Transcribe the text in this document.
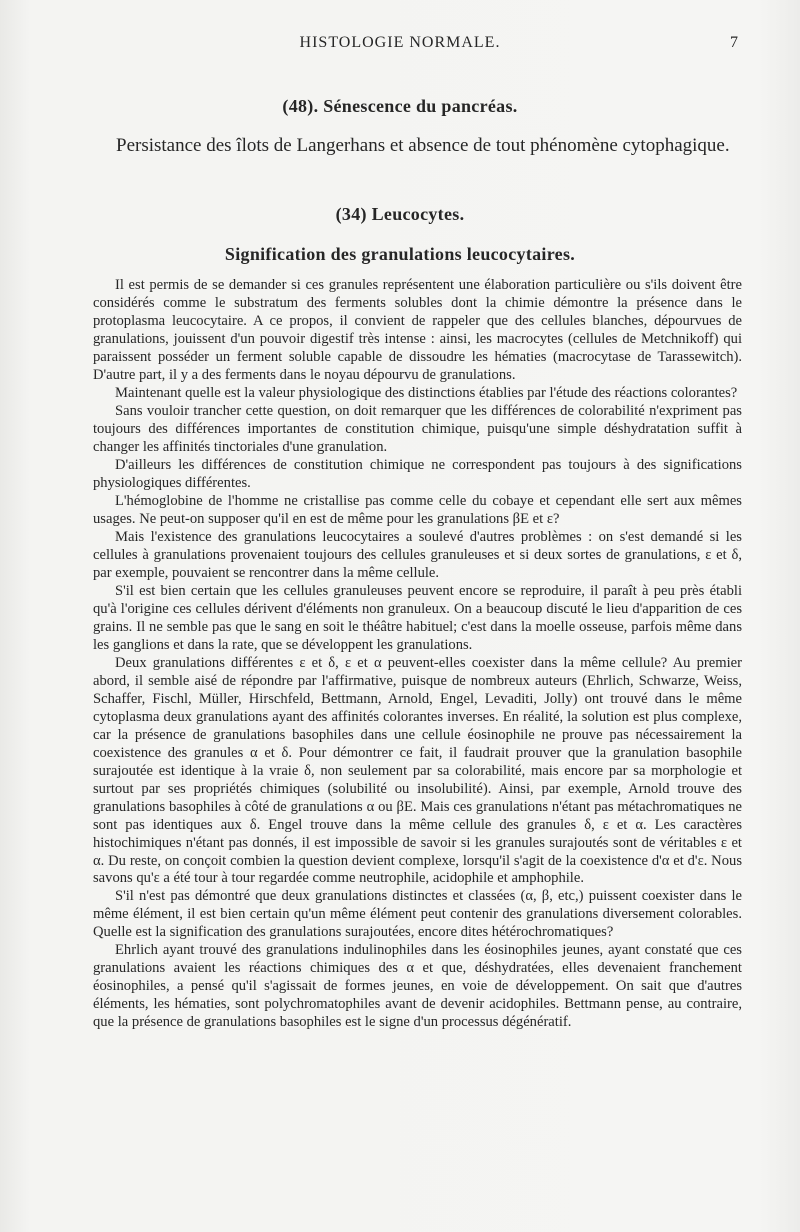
HISTOLOGIE NORMALE.	7
(48). Sénescence du pancréas.
Persistance des îlots de Langerhans et absence de tout phénomène cytophagique.
(34) Leucocytes.
Signification des granulations leucocytaires.

Il est permis de se demander si ces granules représentent une élaboration particulière ou s'ils doivent être considérés comme le substratum des ferments solubles dont la chimie démontre la présence dans le protoplasma leucocytaire. A ce propos, il convient de rappeler que des cellules blanches, dépourvues de granulations, jouissent d'un pouvoir digestif très intense : ainsi, les macrocytes (cellules de Metchnikoff) qui paraissent posséder un ferment soluble capable de dissoudre les hématies (macrocytase de Tarassewitch). D'autre part, il y a des ferments dans le noyau dépourvu de granulations.

Maintenant quelle est la valeur physiologique des distinctions établies par l'étude des réactions colorantes?

Sans vouloir trancher cette question, on doit remarquer que les différences de colorabilité n'expriment pas toujours des différences importantes de constitution chimique, puisqu'une simple déshydratation suffit à changer les affinités tinctoriales d'une granulation.

D'ailleurs les différences de constitution chimique ne correspondent pas toujours à des significations physiologiques différentes.

L'hémoglobine de l'homme ne cristallise pas comme celle du cobaye et cependant elle sert aux mêmes usages. Ne peut-on supposer qu'il en est de même pour les granulations βE et ε?

Mais l'existence des granulations leucocytaires a soulevé d'autres problèmes : on s'est demandé si les cellules à granulations provenaient toujours des cellules granuleuses et si deux sortes de granulations, ε et δ, par exemple, pouvaient se rencontrer dans la même cellule.

S'il est bien certain que les cellules granuleuses peuvent encore se reproduire, il paraît à peu près établi qu'à l'origine ces cellules dérivent d'éléments non granuleux. On a beaucoup discuté le lieu d'apparition de ces grains. Il ne semble pas que le sang en soit le théâtre habituel; c'est dans la moelle osseuse, parfois même dans les ganglions et dans la rate, que se développent les granulations.

Deux granulations différentes ε et δ, ε et α peuvent-elles coexister dans la même cellule? Au premier abord, il semble aisé de répondre par l'affirmative, puisque de nombreux auteurs (Ehrlich, Schwarze, Weiss, Schaffer, Fischl, Müller, Hirschfeld, Bettmann, Arnold, Engel, Levaditi, Jolly) ont trouvé dans le même cytoplasma deux granulations ayant des affinités colorantes inverses. En réalité, la solution est plus complexe, car la présence de granulations basophiles dans une cellule éosinophile ne prouve pas nécessairement la coexistence des granules α et δ. Pour démontrer ce fait, il faudrait prouver que la granulation basophile surajoutée est identique à la vraie δ, non seulement par sa colorabilité, mais encore par sa morphologie et surtout par ses propriétés chimiques (solubilité ou insolubilité). Ainsi, par exemple, Arnold trouve des granulations basophiles à côté de granulations α ou βE. Mais ces granulations n'étant pas métachromatiques ne sont pas identiques aux δ. Engel trouve dans la même cellule des granules δ, ε et α. Les caractères histochimiques n'étant pas donnés, il est impossible de savoir si les granules surajoutés sont de véritables ε et α. Du reste, on conçoit combien la question devient complexe, lorsqu'il s'agit de la coexistence d'α et d'ε. Nous savons qu'ε a été tour à tour regardée comme neutrophile, acidophile et amphophile.

S'il n'est pas démontré que deux granulations distinctes et classées (α, β, etc,) puissent coexister dans le même élément, il est bien certain qu'un même élément peut contenir des granulations diversement colorables. Quelle est la signification des granulations surajoutées, encore dites hétérochromatiques?

Ehrlich ayant trouvé des granulations indulinophiles dans les éosinophiles jeunes, ayant constaté que ces granulations avaient les réactions chimiques des α et que, déshydratées, elles devenaient franchement éosinophiles, a pensé qu'il s'agissait de formes jeunes, en voie de développement. On sait que d'autres éléments, les hématies, sont polychromatophiles avant de devenir acidophiles. Bettmann pense, au contraire, que la présence de granulations basophiles est le signe d'un processus dégénératif.
